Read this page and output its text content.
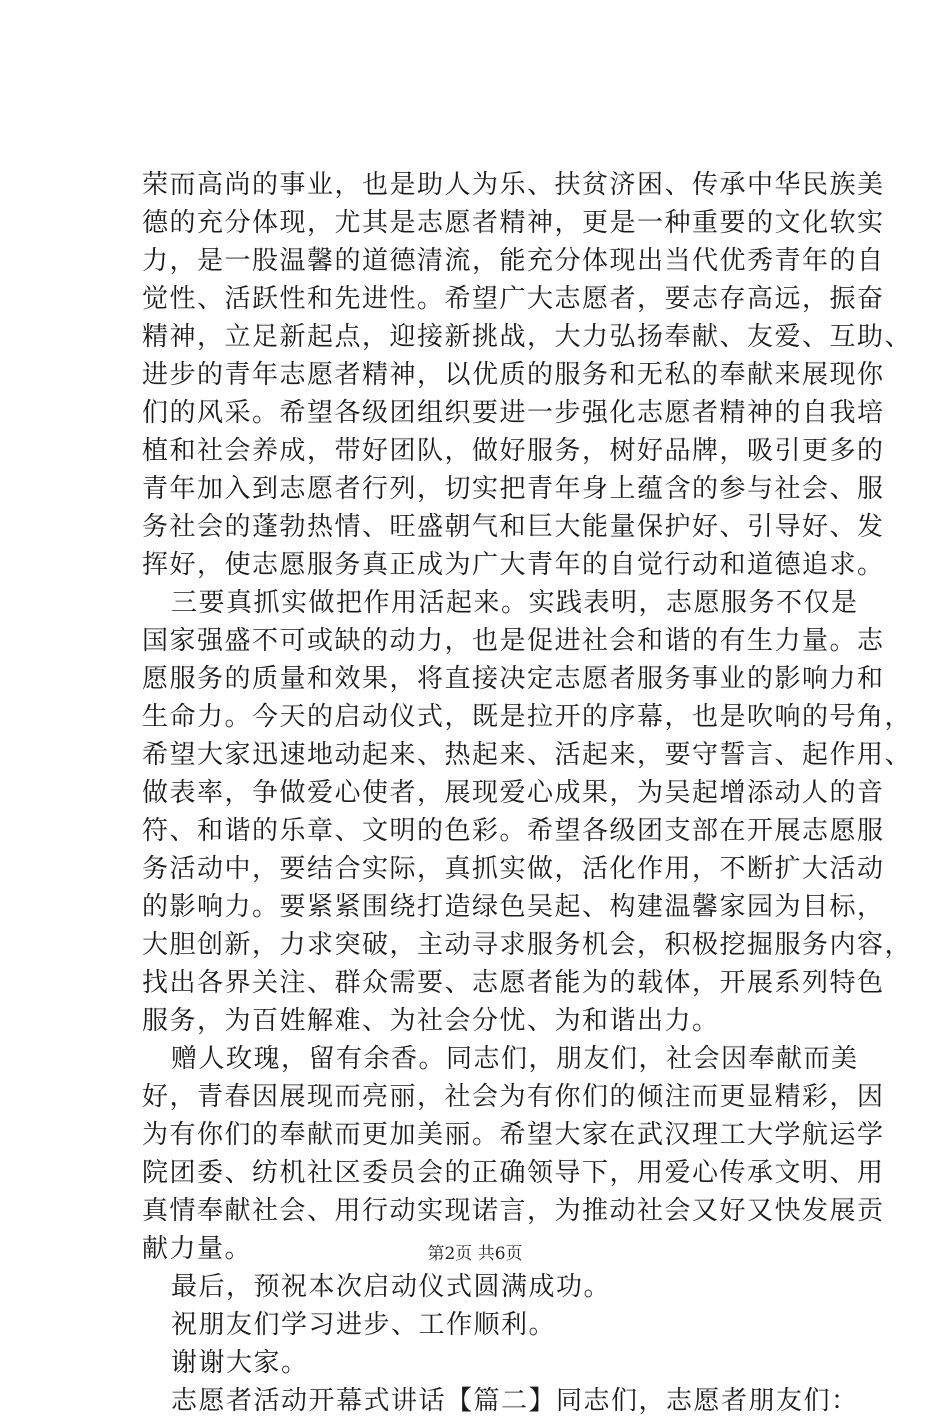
荣而高尚的事业，也是助人为乐、扶贫济困、传承中华民族美
德的充分体现，尤其是志愿者精神，更是一种重要的文化软实
力，是一股温馨的道德清流，能充分体现出当代优秀青年的自
觉性、活跃性和先进性。希望广大志愿者，要志存高远，振奋
精神，立足新起点，迎接新挑战，大力弘扬奉献、友爱、互助、
进步的青年志愿者精神，以优质的服务和无私的奉献来展现你
们的风采。希望各级团组织要进一步强化志愿者精神的自我培
植和社会养成，带好团队，做好服务，树好品牌，吸引更多的
青年加入到志愿者行列，切实把青年身上蕴含的参与社会、服
务社会的蓬勃热情、旺盛朝气和巨大能量保护好、引导好、发
挥好，使志愿服务真正成为广大青年的自觉行动和道德追求。
三要真抓实做把作用活起来。实践表明，志愿服务不仅是
国家强盛不可或缺的动力，也是促进社会和谐的有生力量。志
愿服务的质量和效果，将直接决定志愿者服务事业的影响力和
生命力。今天的启动仪式，既是拉开的序幕，也是吹响的号角，
希望大家迅速地动起来、热起来、活起来，要守誓言、起作用、
做表率，争做爱心使者，展现爱心成果，为吴起增添动人的音
符、和谐的乐章、文明的色彩。希望各级团支部在开展志愿服
务活动中，要结合实际，真抓实做，活化作用，不断扩大活动
的影响力。要紧紧围绕打造绿色吴起、构建温馨家园为目标，
大胆创新，力求突破，主动寻求服务机会，积极挖掘服务内容，
找出各界关注、群众需要、志愿者能为的载体，开展系列特色
服务，为百姓解难、为社会分忧、为和谐出力。
赠人玫瑰，留有余香。同志们，朋友们，社会因奉献而美
好，青春因展现而亮丽，社会为有你们的倾注而更显精彩，因
为有你们的奉献而更加美丽。希望大家在武汉理工大学航运学
院团委、纺机社区委员会的正确领导下，用爱心传承文明、用
真情奉献社会、用行动实现诺言，为推动社会又好又快发展贡
献力量。
最后，预祝本次启动仪式圆满成功。
祝朋友们学习进步、工作顺利。
谢谢大家。
志愿者活动开幕式讲话【篇二】同志们，志愿者朋友们：
第2页 共6页
